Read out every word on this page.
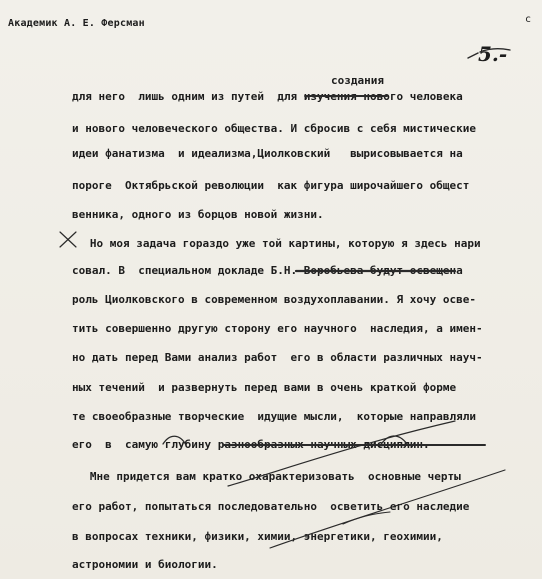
Академик А. Е. Ферсман	с
5.-
создания
для него  лишь одним из путей  для изучения нового человека
и нового человеческого общества. И сбросив с себя мистические
идеи фанатизма  и идеализма,Циолковский   вырисовывается на
пороге  Октябрьской революции  как фигура широчайшего общест
венника, одного из борцов новой жизни.
Но моя задача гораздо уже той картины, которую я здесь нари
совал. В  специальном докладе Б.Н. Воробьева будут освещена
роль Циолковского в современном воздухоплавании. Я хочу осве-
тить совершенно другую сторону его научного  наследия, а имен-
но дать перед Вами анализ работ  его в области различных науч-
ных течений  и развернуть перед вами в очень краткой форме
те своеобразные творческие  идущие мысли,  которые направляли
его  в  самую глубину разнообразных научных дисциплин.
Мне придется вам кратко охарактеризовать  основные черты
его работ, попытаться последовательно  осветить его наследие
в вопросах техники, физики, химии, энергетики, геохимии,
астрономии и биологии.
